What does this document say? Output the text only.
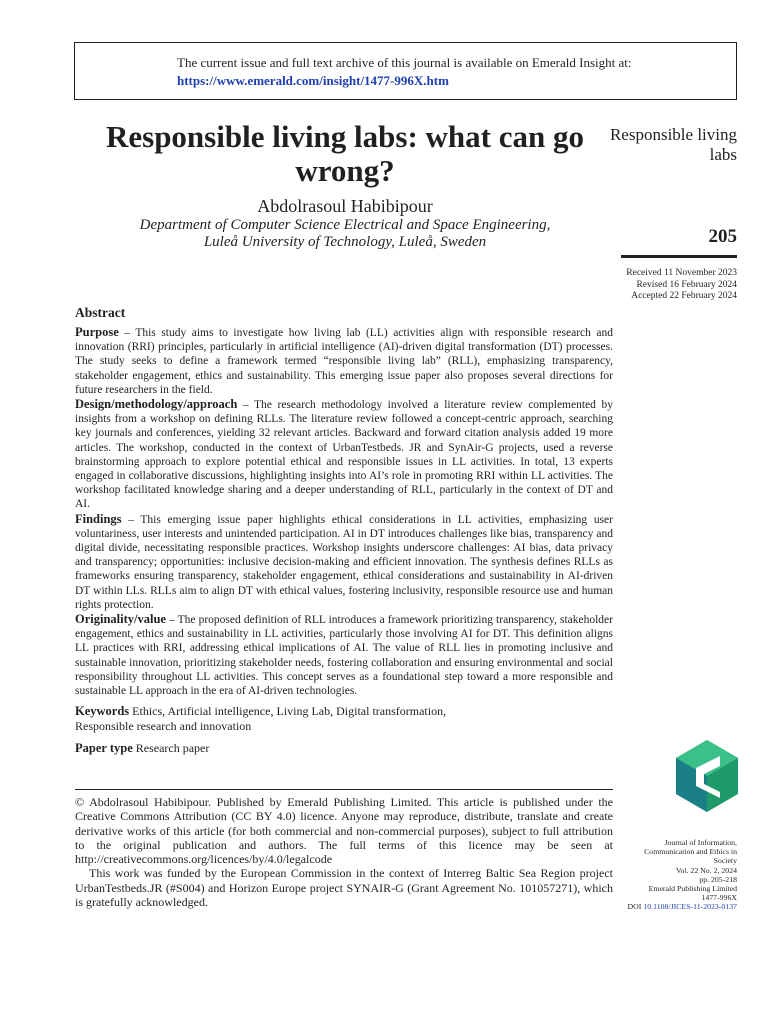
The current issue and full text archive of this journal is available on Emerald Insight at:
https://www.emerald.com/insight/1477-996X.htm
Responsible living labs: what can go wrong?
Abdolrasoul Habibipour
Department of Computer Science Electrical and Space Engineering,
Luleå University of Technology, Luleå, Sweden
Responsible living labs
205
Received 11 November 2023
Revised 16 February 2024
Accepted 22 February 2024
Abstract

Purpose – This study aims to investigate how living lab (LL) activities align with responsible research and innovation (RRI) principles, particularly in artificial intelligence (AI)-driven digital transformation (DT) processes. The study seeks to define a framework termed “responsible living lab” (RLL), emphasizing transparency, stakeholder engagement, ethics and sustainability. This emerging issue paper also proposes several directions for future researchers in the field.

Design/methodology/approach – The research methodology involved a literature review complemented by insights from a workshop on defining RLLs. The literature review followed a concept-centric approach, searching key journals and conferences, yielding 32 relevant articles. Backward and forward citation analysis added 19 more articles. The workshop, conducted in the context of UrbanTestbeds. JR and SynAir-G projects, used a reverse brainstorming approach to explore potential ethical and responsible issues in LL activities. In total, 13 experts engaged in collaborative discussions, highlighting insights into AI’s role in promoting RRI within LL activities. The workshop facilitated knowledge sharing and a deeper understanding of RLL, particularly in the context of DT and AI.

Findings – This emerging issue paper highlights ethical considerations in LL activities, emphasizing user voluntariness, user interests and unintended participation. AI in DT introduces challenges like bias, transparency and digital divide, necessitating responsible practices. Workshop insights underscore challenges: AI bias, data privacy and transparency; opportunities: inclusive decision-making and efficient innovation. The synthesis defines RLLs as frameworks ensuring transparency, stakeholder engagement, ethical considerations and sustainability in AI-driven DT within LLs. RLLs aim to align DT with ethical values, fostering inclusivity, responsible resource use and human rights protection.

Originality/value – The proposed definition of RLL introduces a framework prioritizing transparency, stakeholder engagement, ethics and sustainability in LL activities, particularly those involving AI for DT. This definition aligns LL practices with RRI, addressing ethical implications of AI. The value of RLL lies in promoting inclusive and sustainable innovation, prioritizing stakeholder needs, fostering collaboration and ensuring environmental and social responsibility throughout LL activities. This concept serves as a foundational step toward a more responsible and sustainable LL approach in the era of AI-driven technologies.

Keywords Ethics, Artificial intelligence, Living Lab, Digital transformation,
Responsible research and innovation

Paper type Research paper

© Abdolrasoul Habibipour. Published by Emerald Publishing Limited. This article is published under the Creative Commons Attribution (CC BY 4.0) licence. Anyone may reproduce, distribute, translate and create derivative works of this article (for both commercial and non-commercial purposes), subject to full attribution to the original publication and authors. The full terms of this licence may be seen at http://creativecommons.org/licences/by/4.0/legalcode

This work was funded by the European Commission in the context of Interreg Baltic Sea Region project UrbanTestbeds.JR (#S004) and Horizon Europe project SYNAIR-G (Grant Agreement No. 101057271), which is gratefully acknowledged.

Journal of Information,
Communication and Ethics in
Society
Vol. 22 No. 2, 2024
pp. 205-218
Emerald Publishing Limited
1477-996X
DOI 10.1108/JICES-11-2023-0137
